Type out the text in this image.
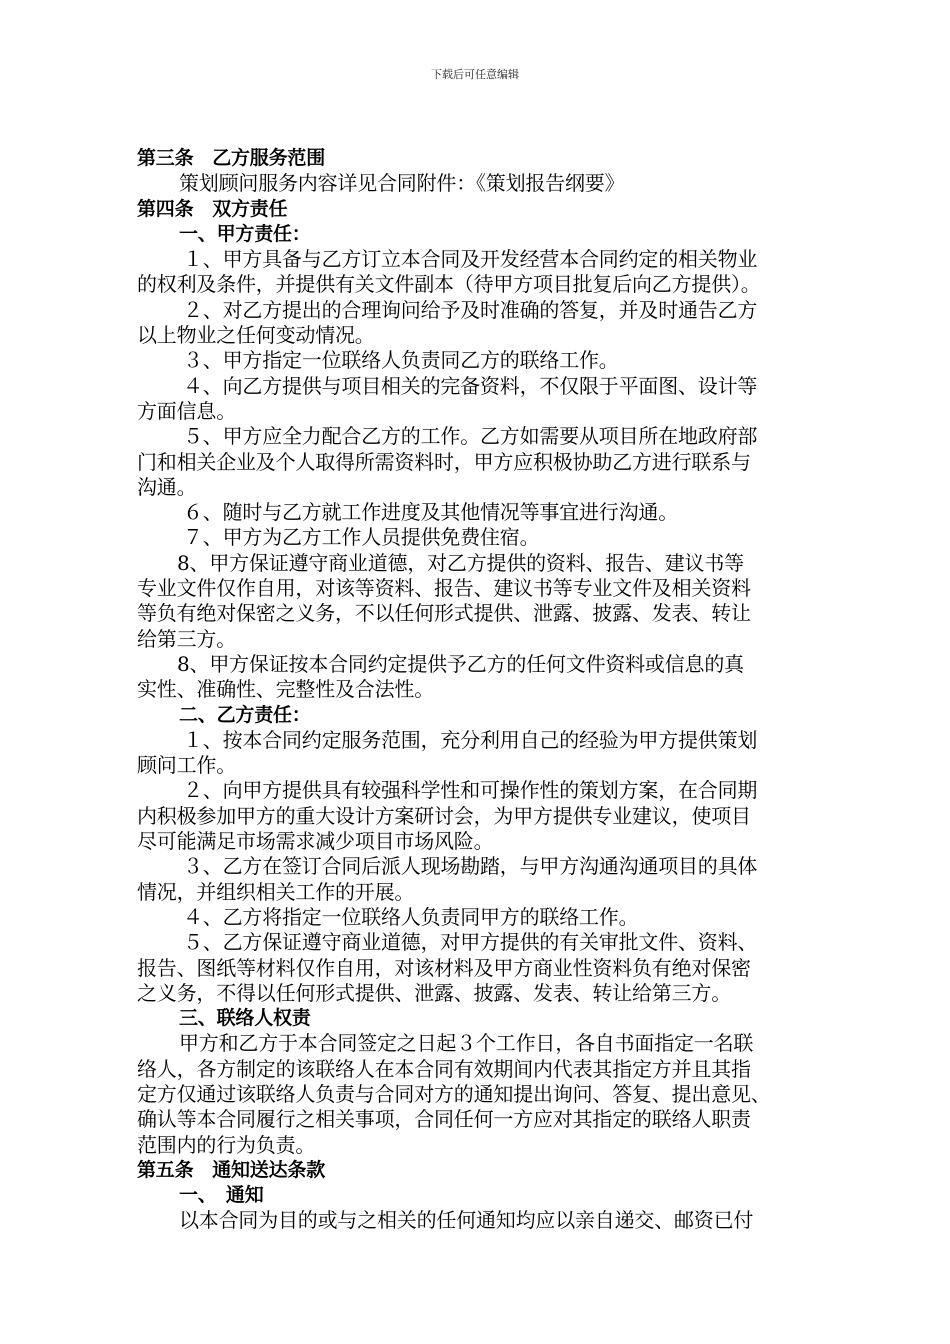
下载后可任意编辑
第三条　乙方服务范围
策划顾问服务内容详见合同附件：《策划报告纲要》
第四条　双方责任
一、甲方责任：
１、甲方具备与乙方订立本合同及开发经营本合同约定的相关物业
的权利及条件，并提供有关文件副本（待甲方项目批复后向乙方提供）。
２、对乙方提出的合理询问给予及时准确的答复，并及时通告乙方
以上物业之任何变动情况。
３、甲方指定一位联络人负责同乙方的联络工作。
４、向乙方提供与项目相关的完备资料，不仅限于平面图、设计等
方面信息。
５、甲方应全力配合乙方的工作。乙方如需要从项目所在地政府部
门和相关企业及个人取得所需资料时，甲方应积极协助乙方进行联系与
沟通。
６、随时与乙方就工作进度及其他情况等事宜进行沟通。
７、甲方为乙方工作人员提供免费住宿。
8、甲方保证遵守商业道德，对乙方提供的资料、报告、建议书等
专业文件仅作自用，对该等资料、报告、建议书等专业文件及相关资料
等负有绝对保密之义务，不以任何形式提供、泄露、披露、发表、转让
给第三方。
8、甲方保证按本合同约定提供予乙方的任何文件资料或信息的真
实性、准确性、完整性及合法性。
二、乙方责任：
１、按本合同约定服务范围，充分利用自己的经验为甲方提供策划
顾问工作。
２、向甲方提供具有较强科学性和可操作性的策划方案，在合同期
内积极参加甲方的重大设计方案研讨会，为甲方提供专业建议，使项目
尽可能满足市场需求减少项目市场风险。
３、乙方在签订合同后派人现场勘踏，与甲方沟通沟通项目的具体
情况，并组织相关工作的开展。
４、乙方将指定一位联络人负责同甲方的联络工作。
５、乙方保证遵守商业道德，对甲方提供的有关审批文件、资料、
报告、图纸等材料仅作自用，对该材料及甲方商业性资料负有绝对保密
之义务，不得以任何形式提供、泄露、披露、发表、转让给第三方。
三、联络人权责
甲方和乙方于本合同签定之日起３个工作日，各自书面指定一名联
络人，各方制定的该联络人在本合同有效期间内代表其指定方并且其指
定方仅通过该联络人负责与合同对方的通知提出询问、答复、提出意见、
确认等本合同履行之相关事项，合同任何一方应对其指定的联络人职责
范围内的行为负责。
第五条　通知送达条款
一、　通知
以本合同为目的或与之相关的任何通知均应以亲自递交、邮资已付
